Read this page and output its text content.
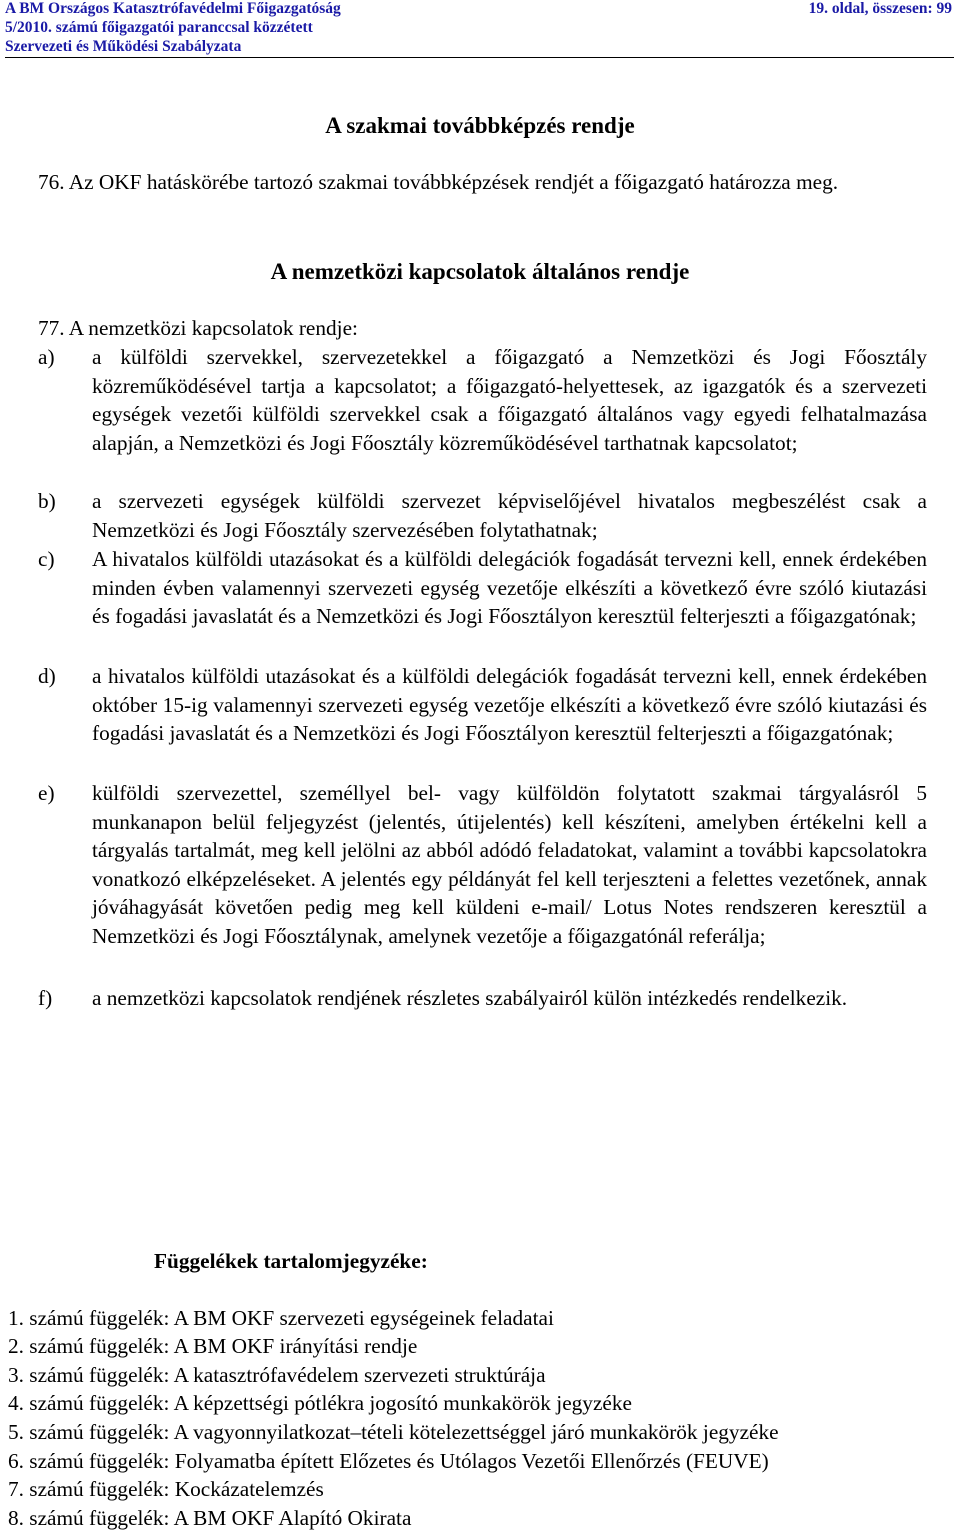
A BM Országos Katasztrófavédelmi Főigazgatóság
5/2010. számú főigazgatói paranccsal közzétett
Szervezeti és Működési Szabályzata
19. oldal, összesen: 99
A szakmai továbbképzés rendje
76. Az OKF hatáskörébe tartozó szakmai továbbképzések rendjét a főigazgató határozza meg.
A nemzetközi kapcsolatok általános rendje
77. A nemzetközi kapcsolatok rendje:
a) a külföldi szervekkel, szervezetekkel a főigazgató a Nemzetközi és Jogi Főosztály közreműködésével tartja a kapcsolatot; a főigazgató-helyettesek, az igazgatók és a szervezeti egységek vezetői külföldi szervekkel csak a főigazgató általános vagy egyedi felhatalmazása alapján, a Nemzetközi és Jogi Főosztály közreműködésével tarthatnak kapcsolatot;
b) a szervezeti egységek külföldi szervezet képviselőjével hivatalos megbeszélést csak a Nemzetközi és Jogi Főosztály szervezésében folytathatnak;
c) A hivatalos külföldi utazásokat és a külföldi delegációk fogadását tervezni kell, ennek érdekében minden évben valamennyi szervezeti egység vezetője elkészíti a következő évre szóló kiutazási és fogadási javaslatát és a Nemzetközi és Jogi Főosztályon keresztül felterjeszti a főigazgatónak;
d) a hivatalos külföldi utazásokat és a külföldi delegációk fogadását tervezni kell, ennek érdekében október 15-ig valamennyi szervezeti egység vezetője elkészíti a következő évre szóló kiutazási és fogadási javaslatát és a Nemzetközi és Jogi Főosztályon keresztül felterjeszti a főigazgatónak;
e) külföldi szervezettel, személlyel bel- vagy külföldön folytatott szakmai tárgyalásról 5 munkanapon belül feljegyzést (jelentés, útijelentés) kell készíteni, amelyben értékelni kell a tárgyalás tartalmát, meg kell jelölni az abból adódó feladatokat, valamint a további kapcsolatokra vonatkozó elképzeléseket. A jelentés egy példányát fel kell terjeszteni a felettes vezetőnek, annak jóváhagyását követően pedig meg kell küldeni e-mail/ Lotus Notes rendszeren keresztül a Nemzetközi és Jogi Főosztálynak, amelynek vezetője a főigazgatónál referálja;
f) a nemzetközi kapcsolatok rendjének részletes szabályairól külön intézkedés rendelkezik.
Függelékek tartalomjegyzéke:
1. számú függelék: A BM OKF szervezeti egységeinek feladatai
2. számú függelék: A BM OKF irányítási rendje
3. számú függelék: A katasztrófavédelem szervezeti struktúrája
4. számú függelék: A képzettségi pótlékra jogosító munkakörök jegyzéke
5. számú függelék: A vagyonnyilatkozat–tételi kötelezettséggel járó munkakörök jegyzéke
6. számú függelék: Folyamatba épített Előzetes és Utólagos Vezetői Ellenőrzés (FEUVE)
7. számú függelék: Kockázatelemzés
8. számú függelék: A BM OKF Alapító Okirata
